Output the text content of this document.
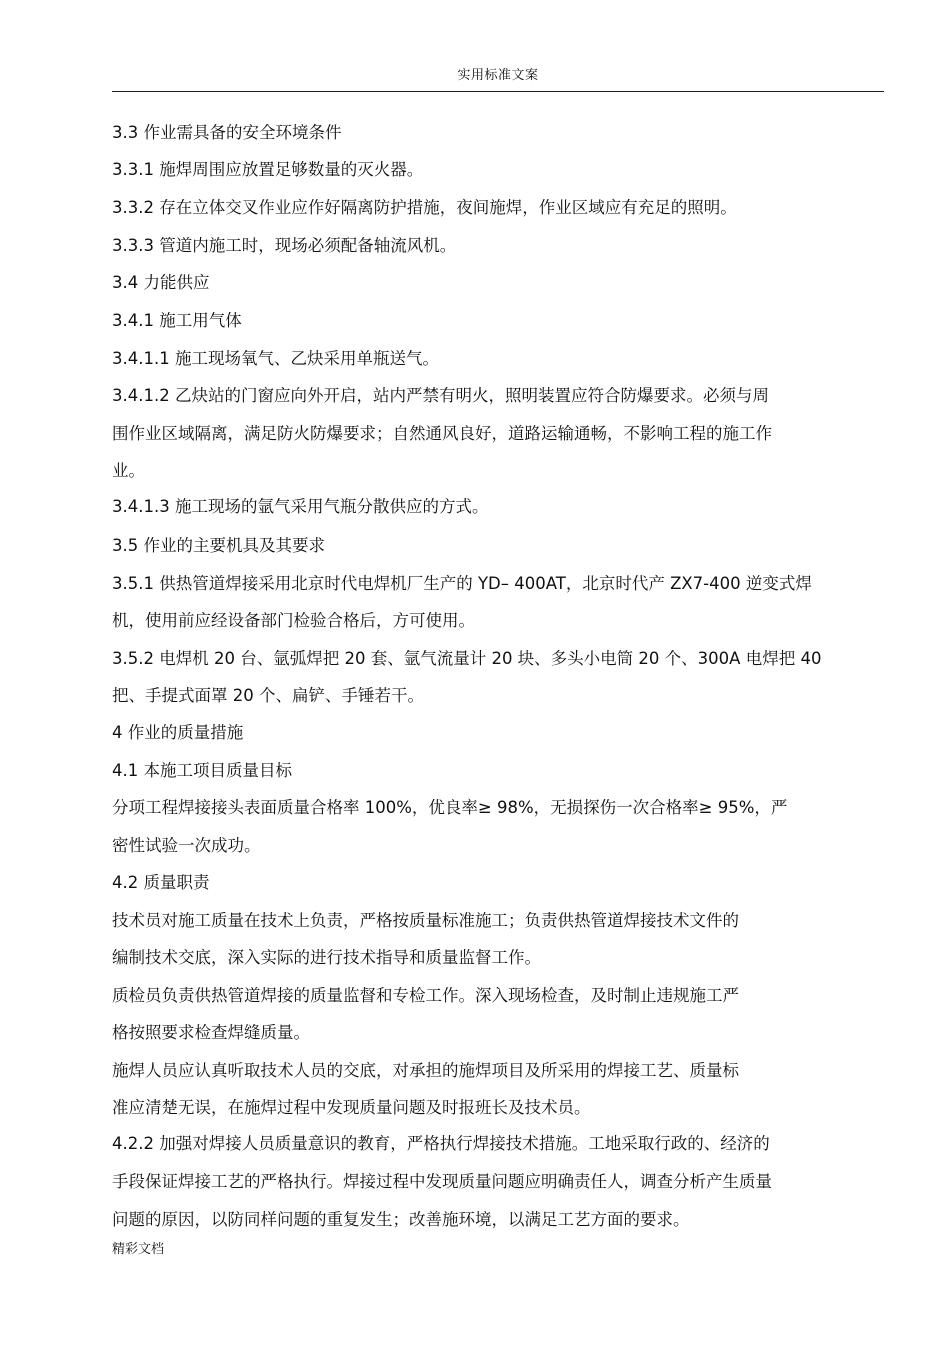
实用标准文案
3.3 作业需具备的安全环境条件
3.3.1 施焊周围应放置足够数量的灭火器。
3.3.2 存在立体交叉作业应作好隔离防护措施，夜间施焊，作业区域应有充足的照明。
3.3.3 管道内施工时，现场必须配备轴流风机。
3.4 力能供应
3.4.1 施工用气体
3.4.1.1 施工现场氧气、乙炔采用单瓶送气。
3.4.1.2 乙炔站的门窗应向外开启，站内严禁有明火，照明装置应符合防爆要求。必须与周
围作业区域隔离，满足防火防爆要求；自然通风良好，道路运输通畅，不影响工程的施工作
业。
3.4.1.3 施工现场的氩气采用气瓶分散供应的方式。
3.5 作业的主要机具及其要求
3.5.1 供热管道焊接采用北京时代电焊机厂生产的 YD– 400AT，北京时代产 ZX7-400 逆变式焊
机，使用前应经设备部门检验合格后，方可使用。
3.5.2 电焊机 20 台、氩弧焊把 20 套、氩气流量计 20 块、多头小电筒 20 个、300A 电焊把 40
把、手提式面罩 20 个、扁铲、手锤若干。
4 作业的质量措施
4.1 本施工项目质量目标
分项工程焊接接头表面质量合格率 100%，优良率≥ 98%，无损探伤一次合格率≥ 95%，严
密性试验一次成功。
4.2 质量职责
技术员对施工质量在技术上负责，严格按质量标准施工；负责供热管道焊接技术文件的
编制技术交底，深入实际的进行技术指导和质量监督工作。
质检员负责供热管道焊接的质量监督和专检工作。深入现场检查，及时制止违规施工严
格按照要求检查焊缝质量。
施焊人员应认真听取技术人员的交底，对承担的施焊项目及所采用的焊接工艺、质量标
准应清楚无误，在施焊过程中发现质量问题及时报班长及技术员。
4.2.2 加强对焊接人员质量意识的教育，严格执行焊接技术措施。工地采取行政的、经济的
手段保证焊接工艺的严格执行。焊接过程中发现质量问题应明确责任人，调查分析产生质量
问题的原因，以防同样问题的重复发生；改善施环境，以满足工艺方面的要求。
精彩文档
